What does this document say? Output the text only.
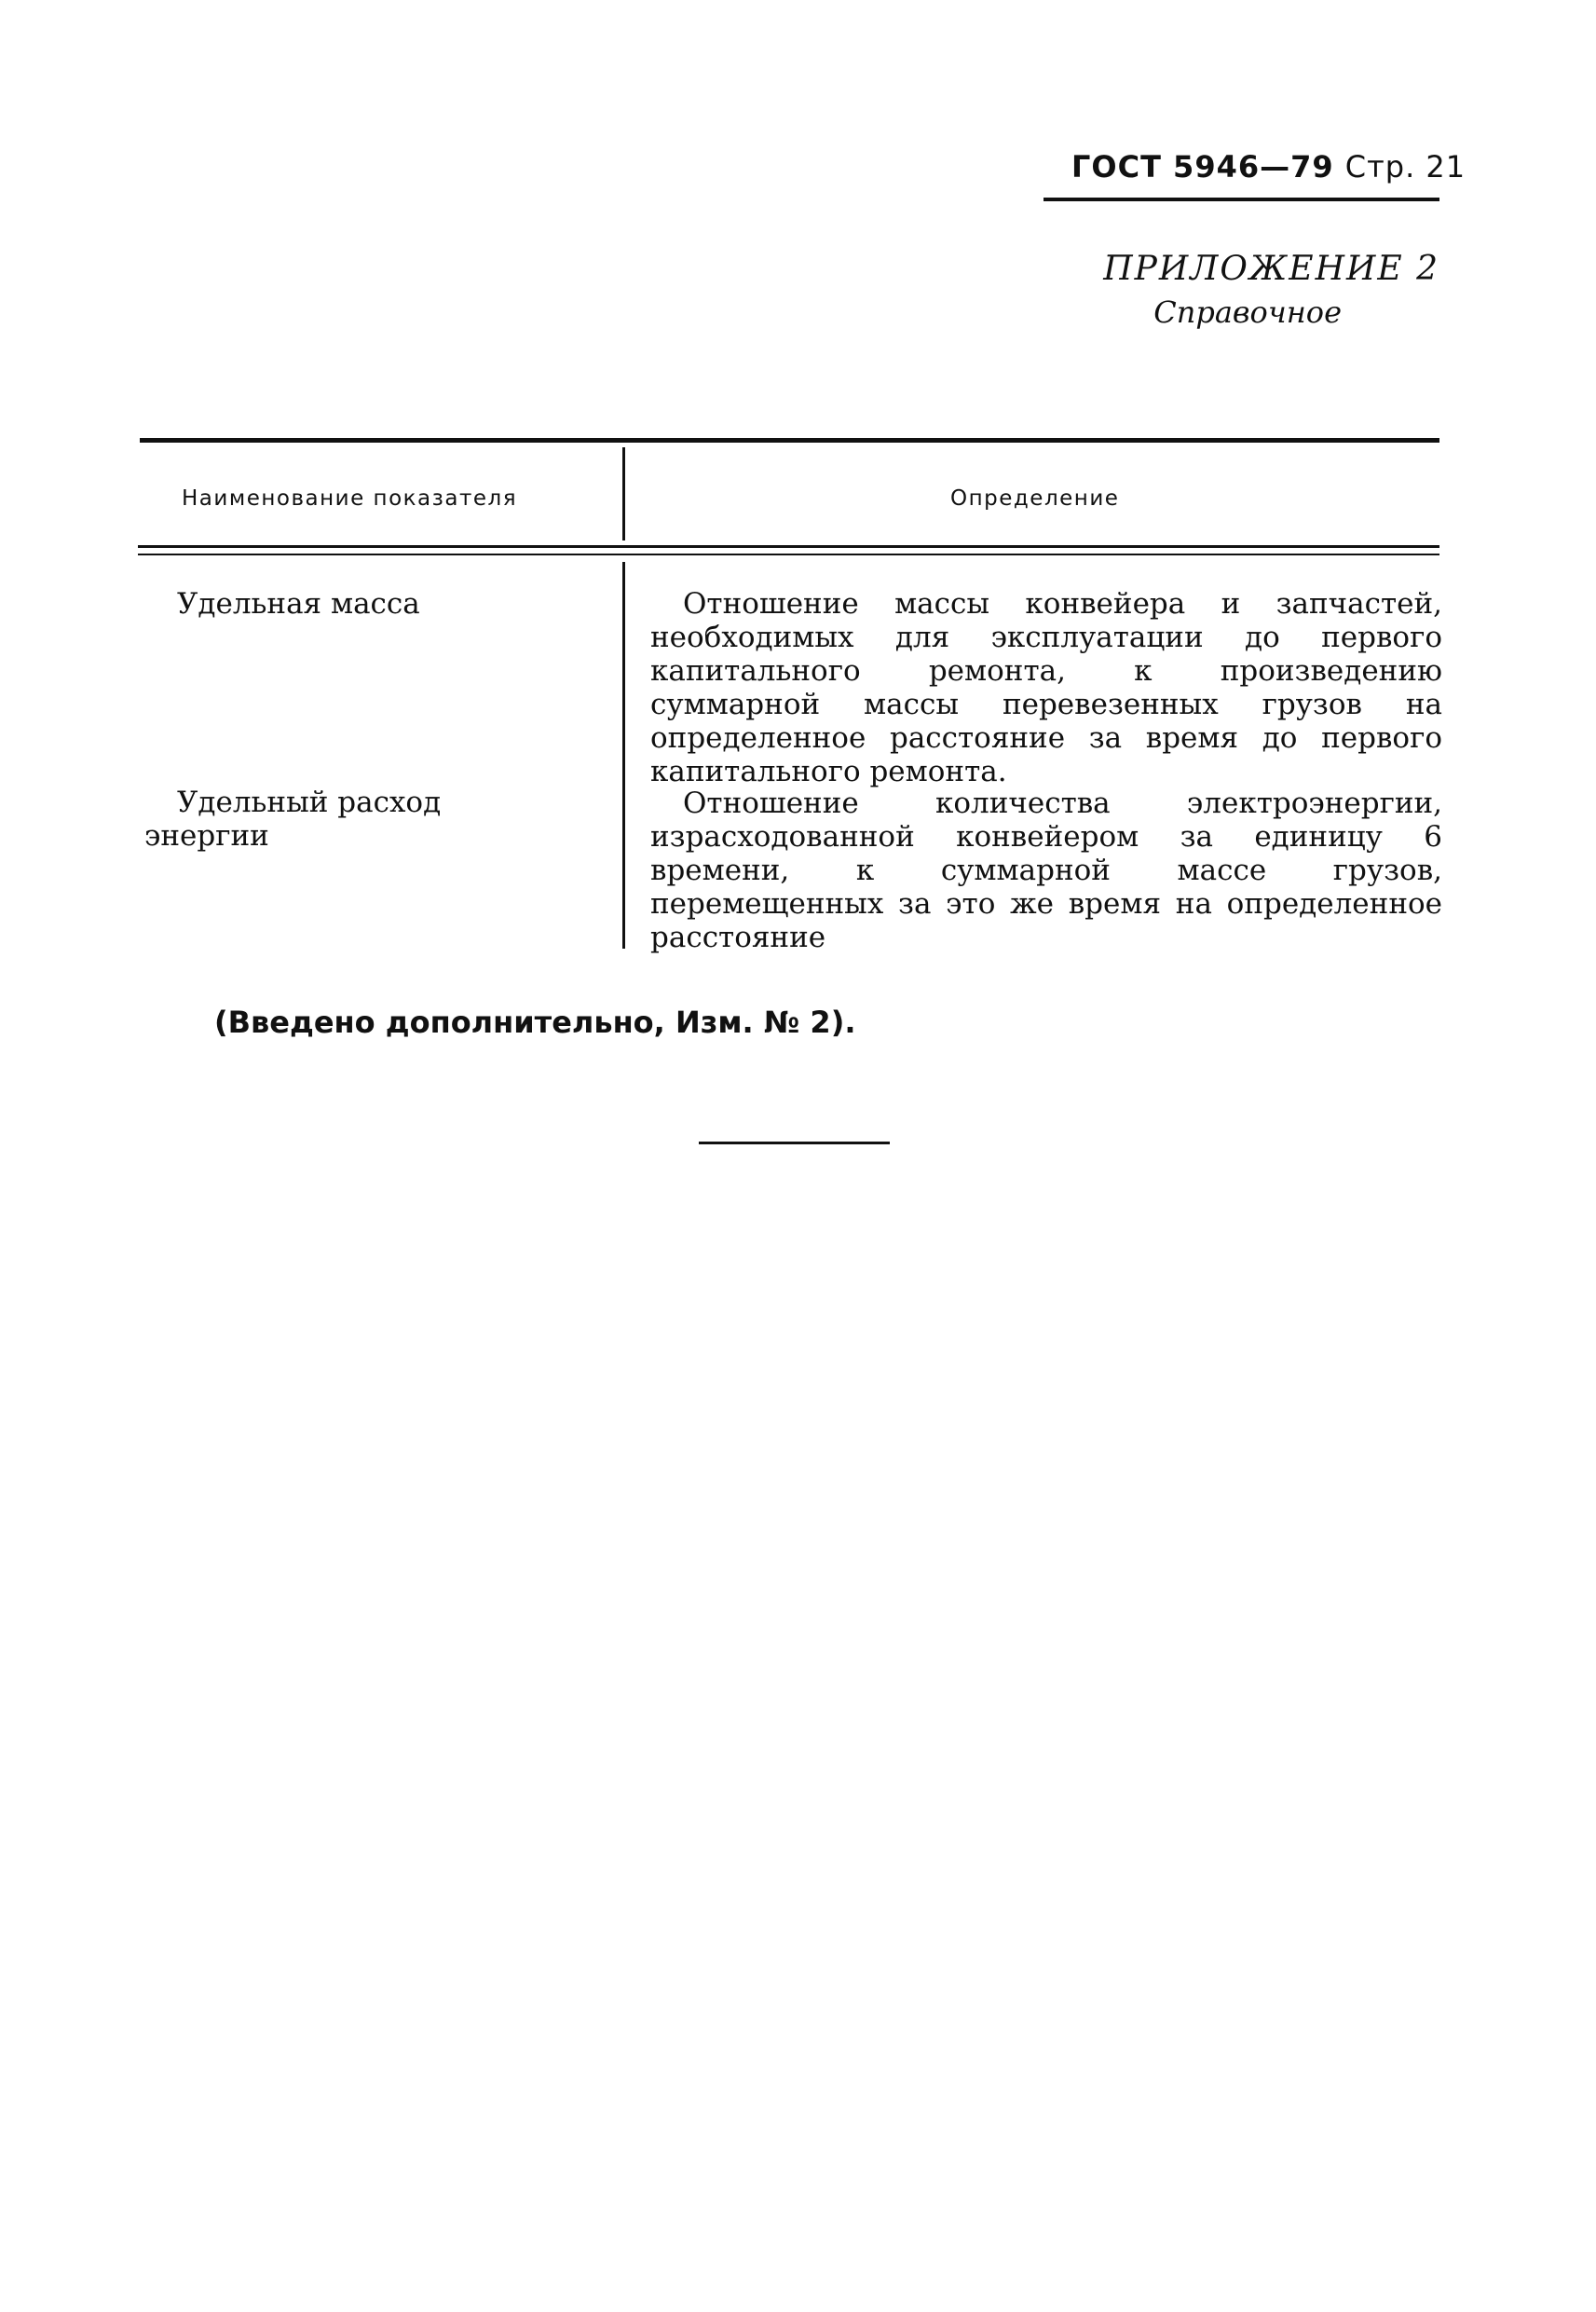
ГОСТ 5946—79 Стр. 21
ПРИЛОЖЕНИЕ 2
Справочное
Наименование показателя	Определение
Удельная масса	Отношение массы конвейера и запчастей, необходимых для эксплуатации до первого капитального ремонта, к произведению суммарной массы перевезенных грузов на определенное расстояние за время до первого капитального ремонта.
Удельный расход энергии
Отношение количества электроэнергии, израсходованной конвейером за единицу 6 времени, к суммарной массе грузов, перемещенных за это же время на определенное расстояние
(Введено дополнительно, Изм. № 2).
